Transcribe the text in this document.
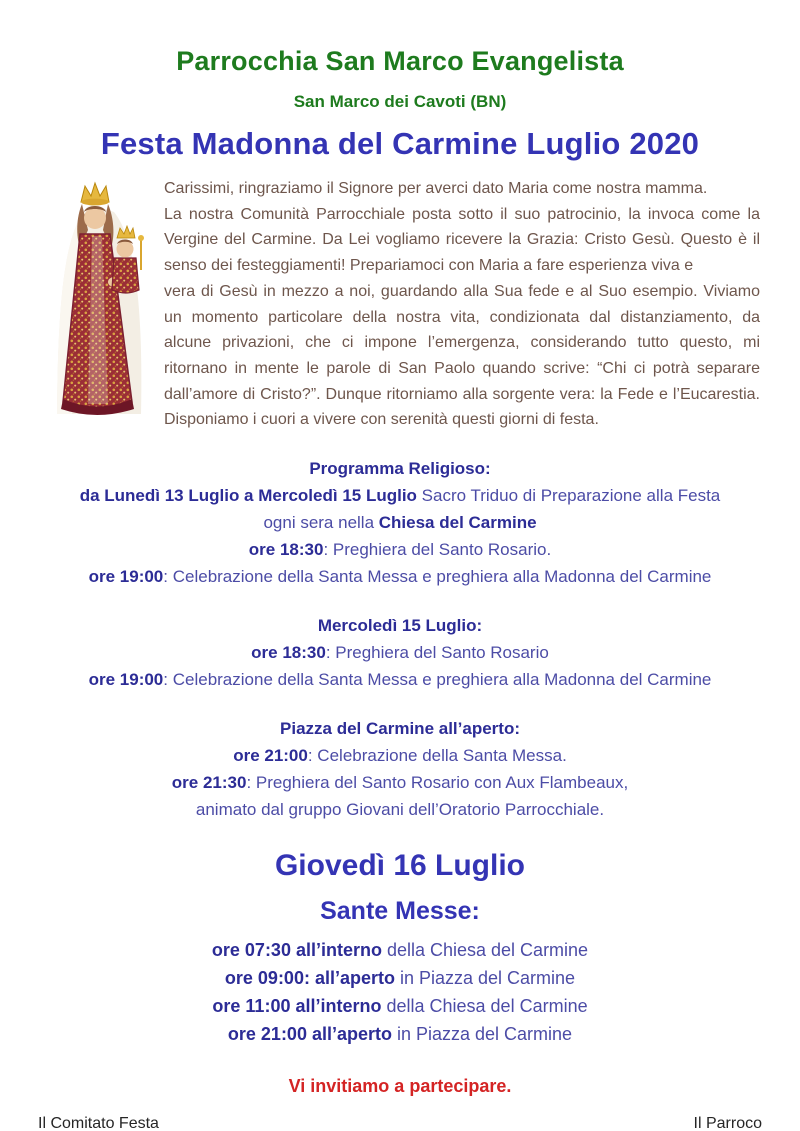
Parrocchia San Marco Evangelista
San Marco dei Cavoti (BN)
Festa Madonna del Carmine Luglio 2020

Carissimi, ringraziamo il Signore per averci dato Maria come nostra mamma.

La nostra Comunità Parrocchiale posta sotto il suo patrocinio, la invoca come la Vergine del Carmine. Da Lei vogliamo ricevere la Grazia: Cristo Gesù. Questo è il senso dei festeggiamenti! Prepariamoci con Maria a fare esperienza viva e

vera di Gesù in mezzo a noi, guardando alla Sua fede e al Suo esempio. Viviamo un momento particolare della nostra vita, condizionata dal distanziamento, da alcune privazioni, che ci impone l’emergenza, considerando tutto questo, mi ritornano in mente le parole di San Paolo quando scrive: “Chi ci potrà separare dall’amore di Cristo?”. Dunque ritorniamo alla sorgente vera: la Fede e l’Eucarestia. Disponiamo i cuori a vivere con serenità questi giorni di festa.

Programma Religioso:
da Lunedì 13 Luglio a Mercoledì 15 Luglio Sacro Triduo di Preparazione alla Festa
ogni sera nella Chiesa del Carmine
ore 18:30: Preghiera del Santo Rosario.
ore 19:00: Celebrazione della Santa Messa e preghiera alla Madonna del Carmine
Mercoledì 15 Luglio:
ore 18:30: Preghiera del Santo Rosario
ore 19:00: Celebrazione della Santa Messa e preghiera alla Madonna del Carmine
Piazza del Carmine all’aperto:
ore 21:00: Celebrazione della Santa Messa.
ore 21:30: Preghiera del Santo Rosario con Aux Flambeaux,
animato dal gruppo Giovani dell’Oratorio Parrocchiale.
Giovedì 16 Luglio
Sante Messe:
ore 07:30 all’interno della Chiesa del Carmine
ore 09:00: all’aperto in Piazza del Carmine
ore 11:00 all’interno della Chiesa del Carmine
ore 21:00 all’aperto in Piazza del Carmine
Vi invitiamo a partecipare.
Il Comitato Festa	Il Parroco
